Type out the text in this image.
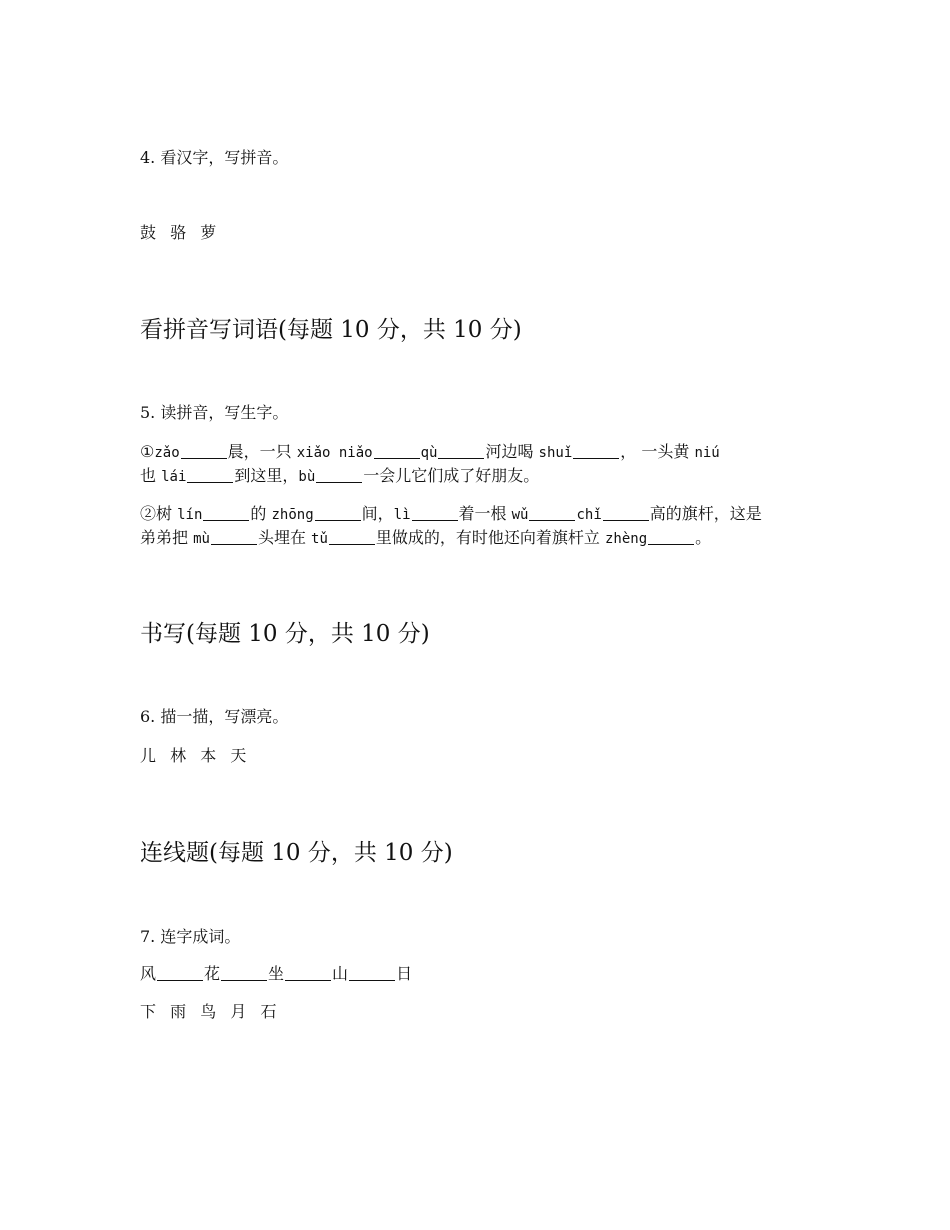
4. 看汉字，写拼音。
鼓 骆 萝
看拼音写词语(每题 10 分，共 10 分)
5. 读拼音，写生字。
①zǎo	晨，一只 xiǎo niǎo	qù	河边喝 shuǐ	， 一头黄 niú
也 lái	到这里，bù	一会儿它们成了好朋友。
②树 lín	的 zhōng	间，lì	着一根 wǔ	chǐ	高的旗杆，这是
弟弟把 mù	头埋在 tǔ	里做成的，有时他还向着旗杆立 zhèng	。
书写(每题 10 分，共 10 分)
6. 描一描，写漂亮。
儿 林 本 天
连线题(每题 10 分，共 10 分)
7. 连字成词。
风	花	坐	山	日
下 雨 鸟 月 石
